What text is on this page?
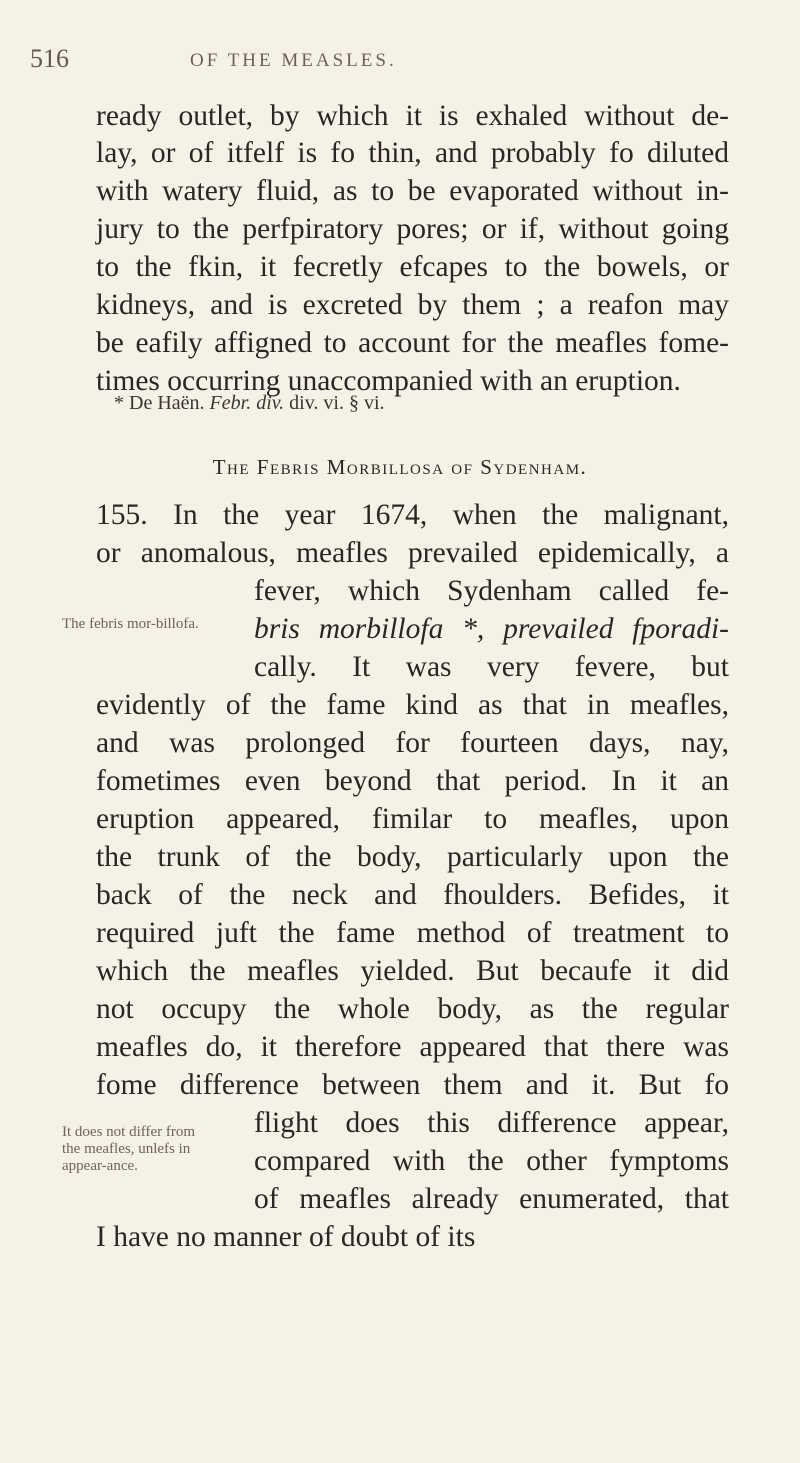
516	OF THE MEASLES.
ready outlet, by which it is exhaled without de-
lay, or of itfelf is fo thin, and probably fo diluted
with watery fluid, as to be evaporated without in-
jury to the perfpiratory pores; or if, without going
to the fkin, it fecretly efcapes to the bowels, or
kidneys, and is excreted by them ; a reafon may
be eafily affigned to account for the meafles fome-
times occurring unaccompanied with an eruption.
* De Haën. Febr. div. div. vi. § vi.
The Febris Morbillosa of Sydenham.
155. In the year 1674, when the malignant,
or anomalous, meafles prevailed epidemically, a
fever, which Sydenham called fe-
bris morbillofa *, prevailed fporadi-
cally. It was very fevere, but
The febris mor-billofa.
evidently of the fame kind as that in meafles,
and was prolonged for fourteen days, nay,
fometimes even beyond that period. In it an
eruption appeared, fimilar to meafles, upon
the trunk of the body, particularly upon the
back of the neck and fhoulders. Befides, it
required juft the fame method of treatment to
which the meafles yielded. But becaufe it did
not occupy the whole body, as the regular
meafles do, it therefore appeared that there was
fome difference between them and it. But fo
flight does this difference appear,
compared with the other fymptoms
of meafles already enumerated, that
It does not differ from the meafles, unlefs in appear-ance.
I have no manner of doubt of its
